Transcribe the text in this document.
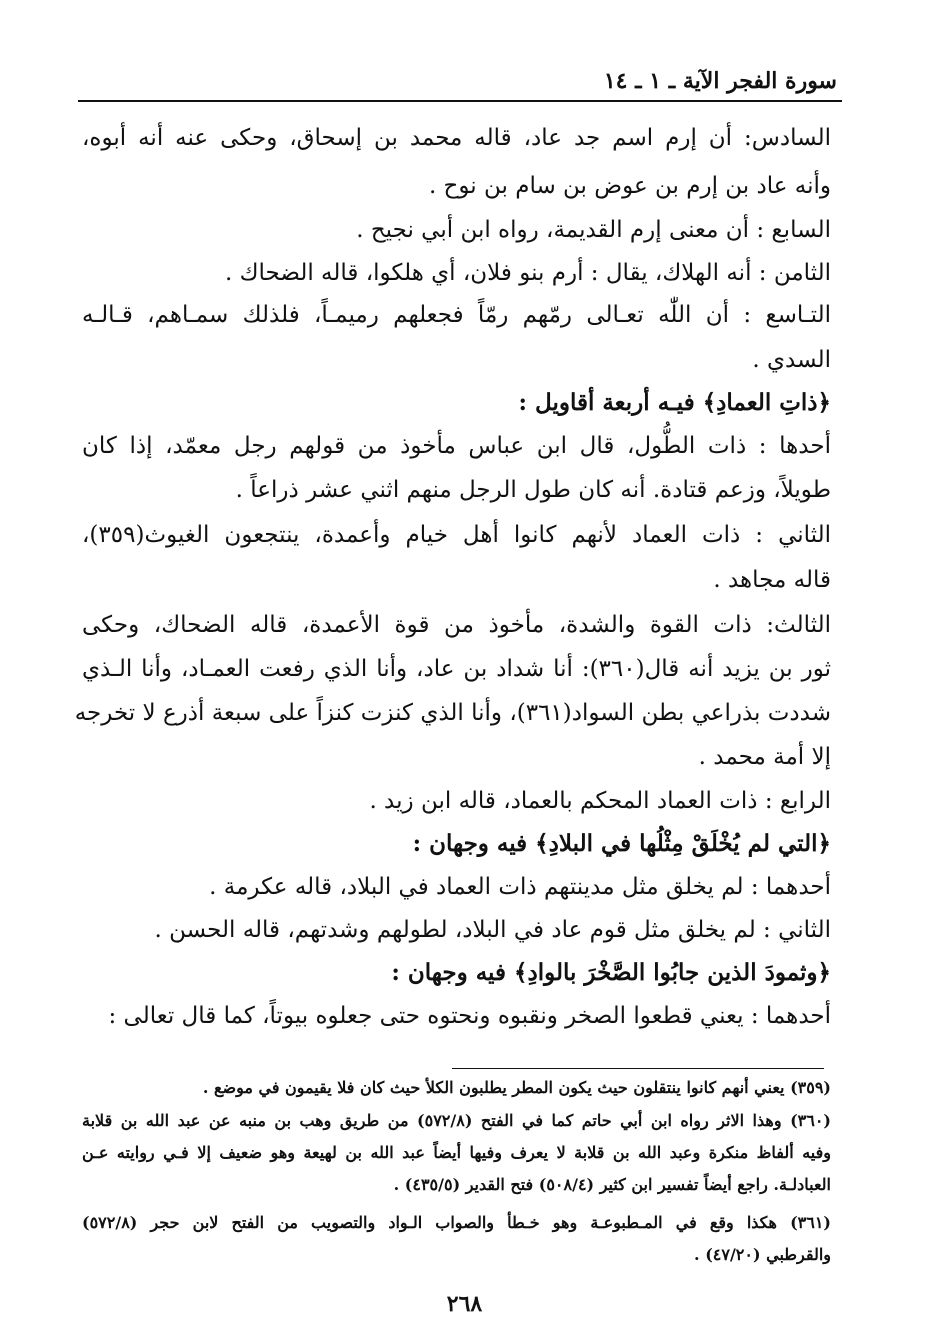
سورة الفجر الآية ـ ١ ـ ١٤
السادس: أن إرم اسم جد عاد، قاله محمد بن إسحاق، وحكى عنه أنه أبوه،
وأنه عاد بن إرم بن عوض بن سام بن نوح .
السابع : أن معنى إرم القديمة، رواه ابن أبي نجيح .
الثامن : أنه الهلاك، يقال : أرم بنو فلان، أي هلكوا، قاله الضحاك .
التـاسع : أن اللّٰه تعـالى رمّهم رمّاً فجعلهم رميمـاً، فلذلك سمـاهم، قـالـه
السدي .
﴿ذاتِ العمادِ﴾ فيـه أربعة أقاويل :
أحدها : ذات الطُّول، قال ابن عباس مأخوذ من قولهم رجل معمّد، إذا كان
طويلاً، وزعم قتادة. أنه كان طول الرجل منهم اثني عشر ذراعاً .
الثاني : ذات العماد لأنهم كانوا أهل خيام وأعمدة، ينتجعون الغيوث(٣٥٩)،
قاله مجاهد .
الثالث: ذات القوة والشدة، مأخوذ من قوة الأعمدة، قاله الضحاك، وحكى
ثور بن يزيد أنه قال(٣٦٠): أنا شداد بن عاد، وأنا الذي رفعت العمـاد، وأنا الـذي
شددت بذراعي بطن السواد(٣٦١)، وأنا الذي كنزت كنزاً على سبعة أذرع لا تخرجه
إلا أمة محمد .
الرابع : ذات العماد المحكم بالعماد، قاله ابن زيد .
﴿التي لم يُخْلَقْ مِثْلُها في البلادِ﴾ فيه وجهان :
أحدهما : لم يخلق مثل مدينتهم ذات العماد في البلاد، قاله عكرمة .
الثاني : لم يخلق مثل قوم عاد في البلاد، لطولهم وشدتهم، قاله الحسن .
﴿وثمودَ الذين جابُوا الصَّخْرَ بالوادِ﴾ فيه وجهان :
أحدهما : يعني قطعوا الصخر ونقبوه ونحتوه حتى جعلوه بيوتاً، كما قال تعالى :
(٣٥٩) يعني أنهم كانوا ينتقلون حيث يكون المطر يطلبون الكلأ حيث كان فلا يقيمون في موضع .
(٣٦٠) وهذا الاثر رواه ابن أبي حاتم كما في الفتح (٥٧٢/٨) من طريق وهب بن منبه عن عبد الله بن قلابة
وفيه ألفاظ منكرة وعبد الله بن قلابة لا يعرف وفيها أيضاً عبد الله بن لهيعة وهو ضعيف إلا فـي روايته عـن
العبادلـة. راجع أيضاً تفسير ابن كثير (٥٠٨/٤) فتح القدير (٤٣٥/٥) .
(٣٦١) هكذا وقع في المـطبوعـة وهو خـطأ والصواب الـواد والتصويب من الفتح لابن حجر (٥٧٢/٨)
والقرطبي (٤٧/٢٠) .
٢٦٨
